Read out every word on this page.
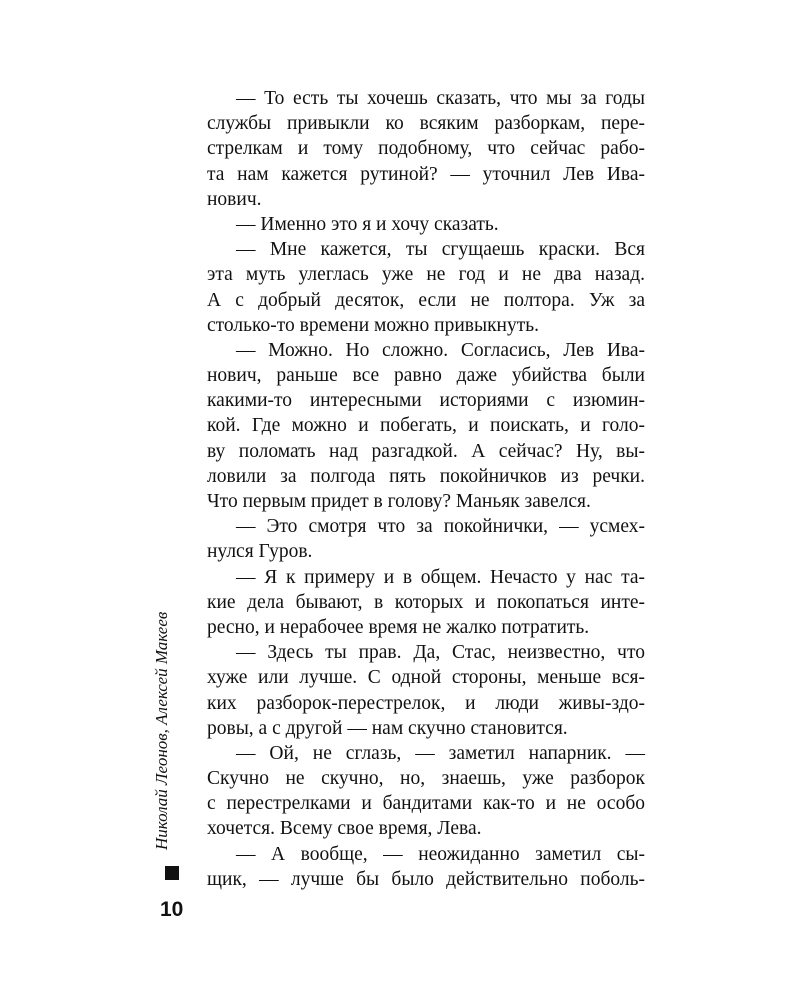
— То есть ты хочешь сказать, что мы за годы
службы привыкли ко всяким разборкам, пере-
стрелкам и тому подобному, что сейчас рабо-
та нам кажется рутиной? — уточнил Лев Ива-
нович.
— Именно это я и хочу сказать.
— Мне кажется, ты сгущаешь краски. Вся
эта муть улеглась уже не год и не два назад.
А с добрый десяток, если не полтора. Уж за
столько-то времени можно привыкнуть.
— Можно. Но сложно. Согласись, Лев Ива-
нович, раньше все равно даже убийства были
какими-то интересными историями с изюмин-
кой. Где можно и побегать, и поискать, и голо-
ву поломать над разгадкой. А сейчас? Ну, вы-
ловили за полгода пять покойничков из речки.
Что первым придет в голову? Маньяк завелся.
— Это смотря что за покойнички, — усмех-
нулся Гуров.
— Я к примеру и в общем. Нечасто у нас та-
кие дела бывают, в которых и покопаться инте-
ресно, и нерабочее время не жалко потратить.
— Здесь ты прав. Да, Стас, неизвестно, что
хуже или лучше. С одной стороны, меньше вся-
ких разборок-перестрелок, и люди живы-здо-
ровы, а с другой — нам скучно становится.
— Ой, не сглазь, — заметил напарник. —
Скучно не скучно, но, знаешь, уже разборок
с перестрелками и бандитами как-то и не особо
хочется. Всему свое время, Лева.
— А вообще, — неожиданно заметил сы-
щик, — лучше бы было действительно поболь-
Николай Леонов, Алексей Макеев
10
